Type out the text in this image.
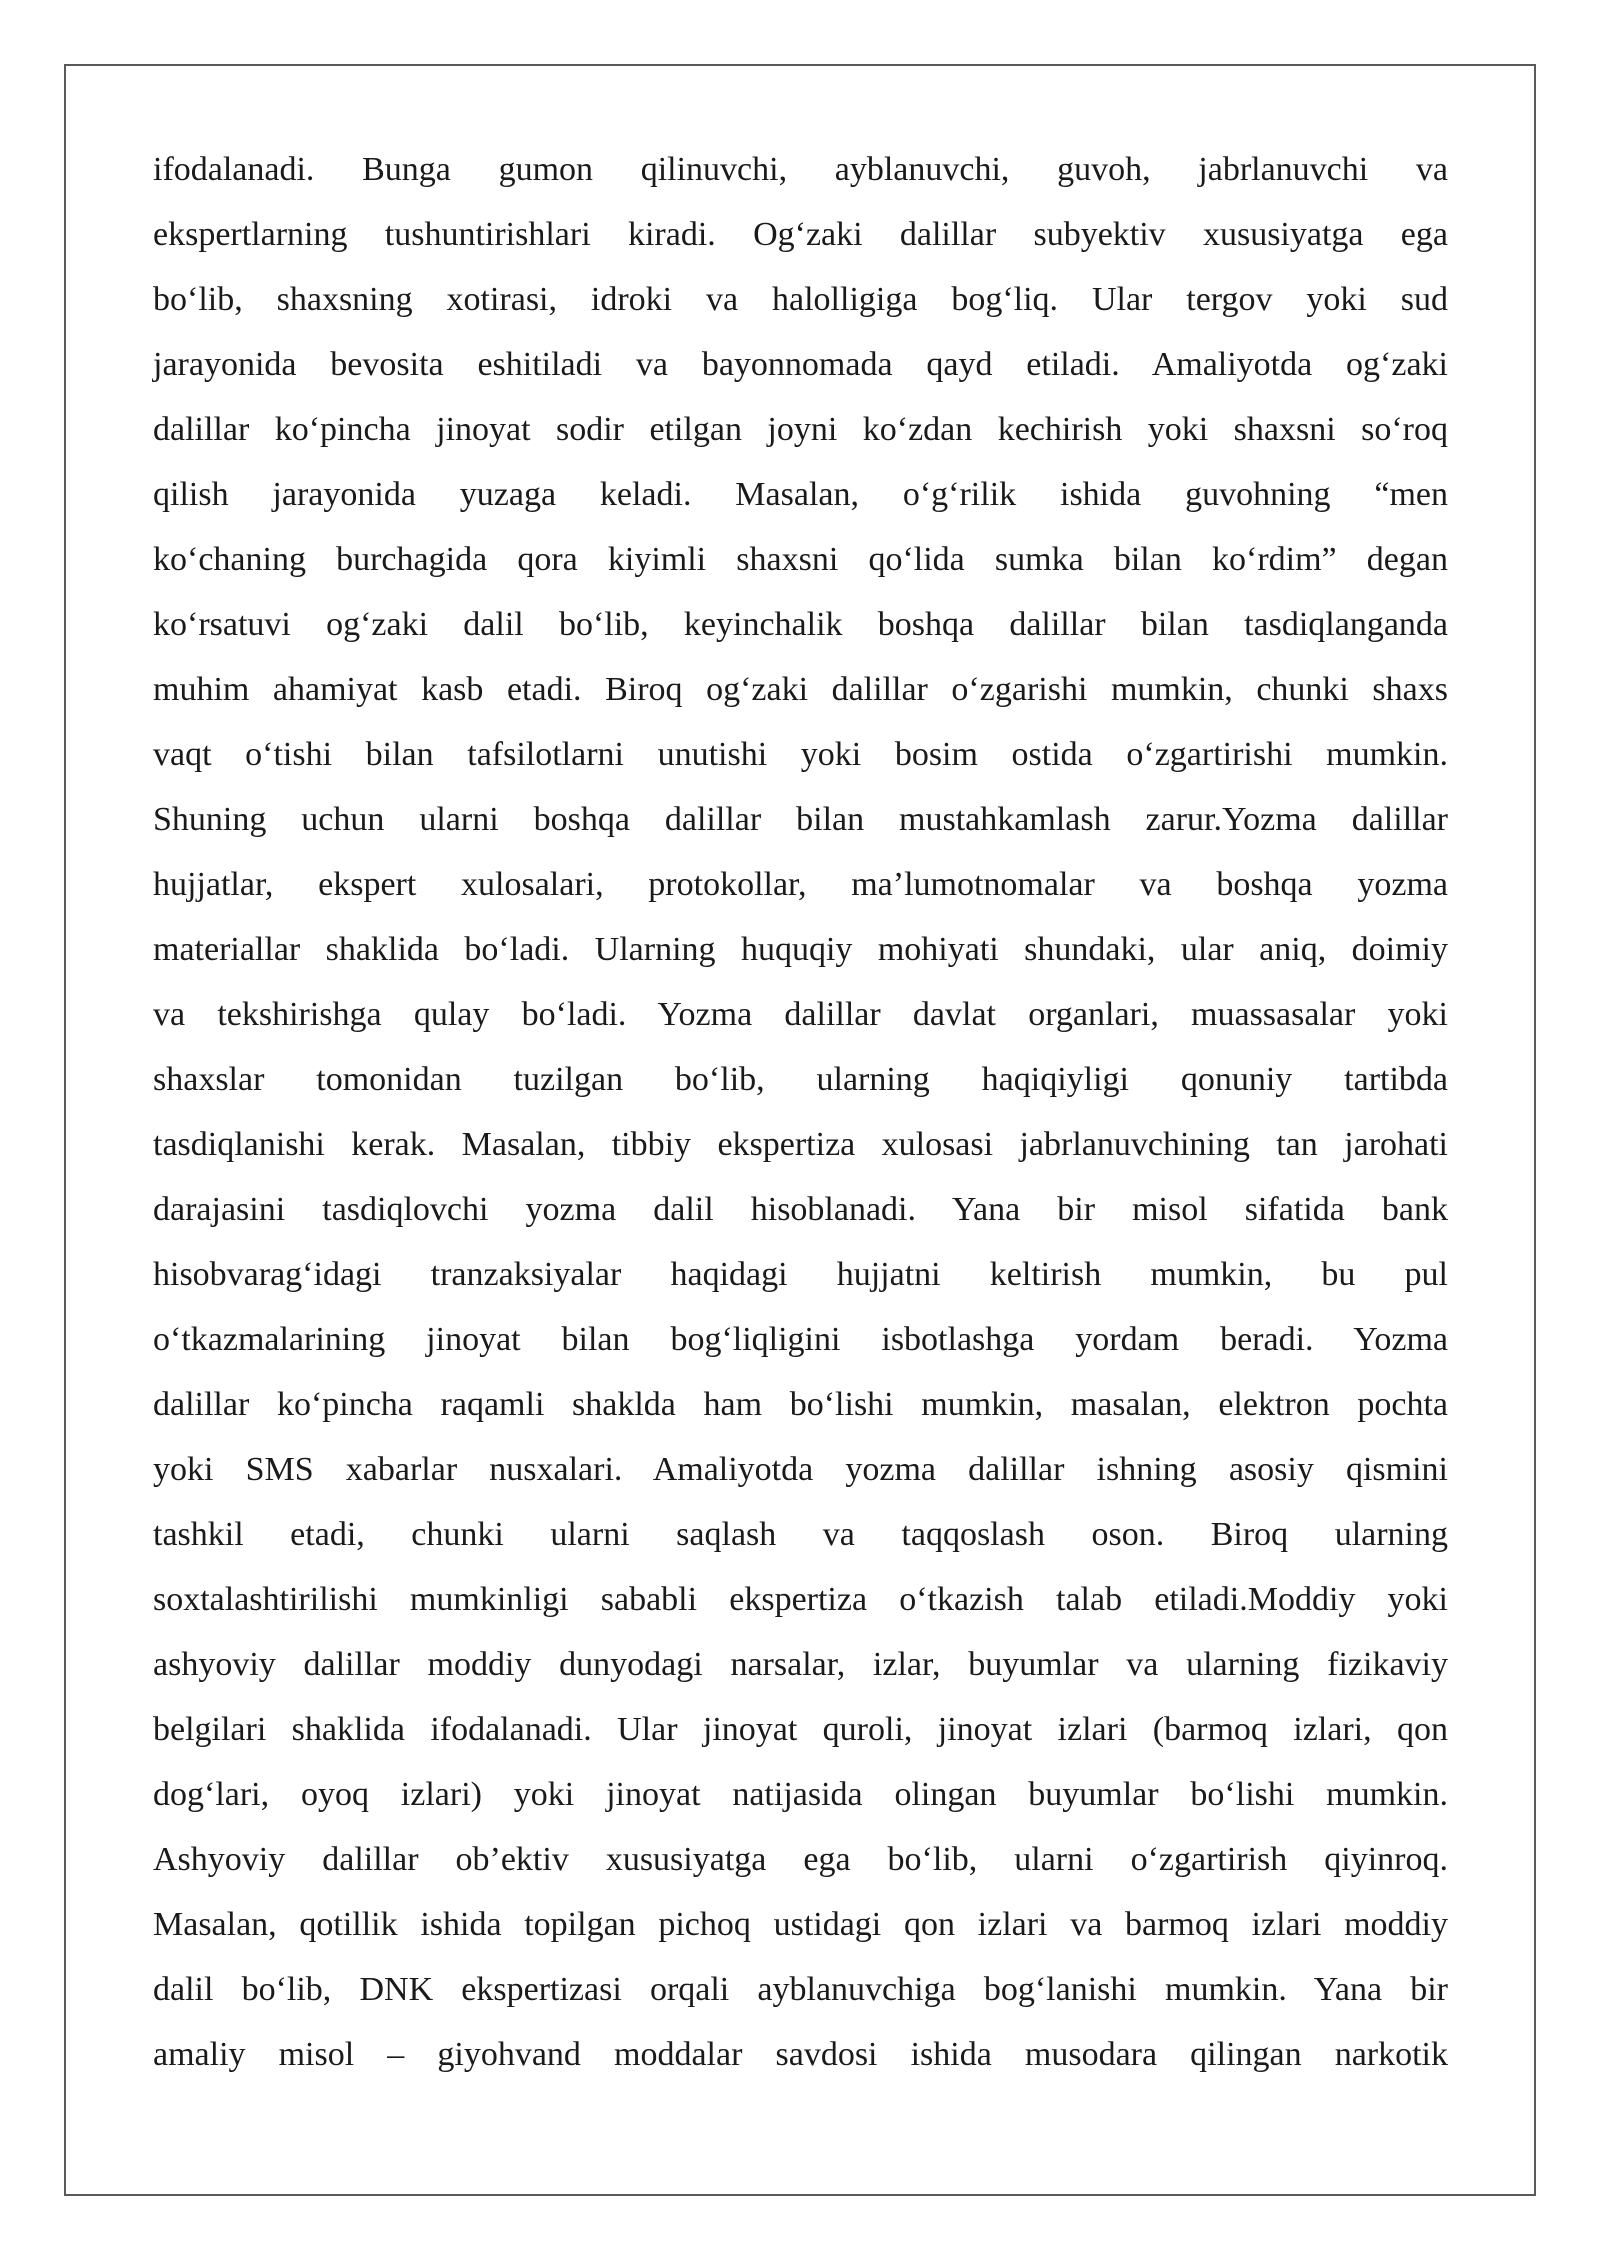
ifodalanadi. Bunga gumon qilinuvchi, ayblanuvchi, guvoh, jabrlanuvchi va
ekspertlarning tushuntirishlari kiradi. Og‘zaki dalillar subyektiv xususiyatga ega
bo‘lib, shaxsning xotirasi, idroki va halolligiga bog‘liq. Ular tergov yoki sud
jarayonida bevosita eshitiladi va bayonnomada qayd etiladi. Amaliyotda og‘zaki
dalillar ko‘pincha jinoyat sodir etilgan joyni ko‘zdan kechirish yoki shaxsni so‘roq
qilish jarayonida yuzaga keladi. Masalan, o‘g‘rilik ishida guvohning “men
ko‘chaning burchagida qora kiyimli shaxsni qo‘lida sumka bilan ko‘rdim” degan
ko‘rsatuvi og‘zaki dalil bo‘lib, keyinchalik boshqa dalillar bilan tasdiqlanganda
muhim ahamiyat kasb etadi. Biroq og‘zaki dalillar o‘zgarishi mumkin, chunki shaxs
vaqt o‘tishi bilan tafsilotlarni unutishi yoki bosim ostida o‘zgartirishi mumkin.
Shuning uchun ularni boshqa dalillar bilan mustahkamlash zarur.Yozma dalillar
hujjatlar, ekspert xulosalari, protokollar, ma’lumotnomalar va boshqa yozma
materiallar shaklida bo‘ladi. Ularning huquqiy mohiyati shundaki, ular aniq, doimiy
va tekshirishga qulay bo‘ladi. Yozma dalillar davlat organlari, muassasalar yoki
shaxslar tomonidan tuzilgan bo‘lib, ularning haqiqiyligi qonuniy tartibda
tasdiqlanishi kerak. Masalan, tibbiy ekspertiza xulosasi jabrlanuvchining tan jarohati
darajasini tasdiqlovchi yozma dalil hisoblanadi. Yana bir misol sifatida bank
hisobvarag‘idagi tranzaksiyalar haqidagi hujjatni keltirish mumkin, bu pul
o‘tkazmalarining jinoyat bilan bog‘liqligini isbotlashga yordam beradi. Yozma
dalillar ko‘pincha raqamli shaklda ham bo‘lishi mumkin, masalan, elektron pochta
yoki SMS xabarlar nusxalari. Amaliyotda yozma dalillar ishning asosiy qismini
tashkil etadi, chunki ularni saqlash va taqqoslash oson. Biroq ularning
soxtalashtirilishi mumkinligi sababli ekspertiza o‘tkazish talab etiladi.Moddiy yoki
ashyoviy dalillar moddiy dunyodagi narsalar, izlar, buyumlar va ularning fizikaviy
belgilari shaklida ifodalanadi. Ular jinoyat quroli, jinoyat izlari (barmoq izlari, qon
dog‘lari, oyoq izlari) yoki jinoyat natijasida olingan buyumlar bo‘lishi mumkin.
Ashyoviy dalillar ob’ektiv xususiyatga ega bo‘lib, ularni o‘zgartirish qiyinroq.
Masalan, qotillik ishida topilgan pichoq ustidagi qon izlari va barmoq izlari moddiy
dalil bo‘lib, DNK ekspertizasi orqali ayblanuvchiga bog‘lanishi mumkin. Yana bir
amaliy misol – giyohvand moddalar savdosi ishida musodara qilingan narkotik
